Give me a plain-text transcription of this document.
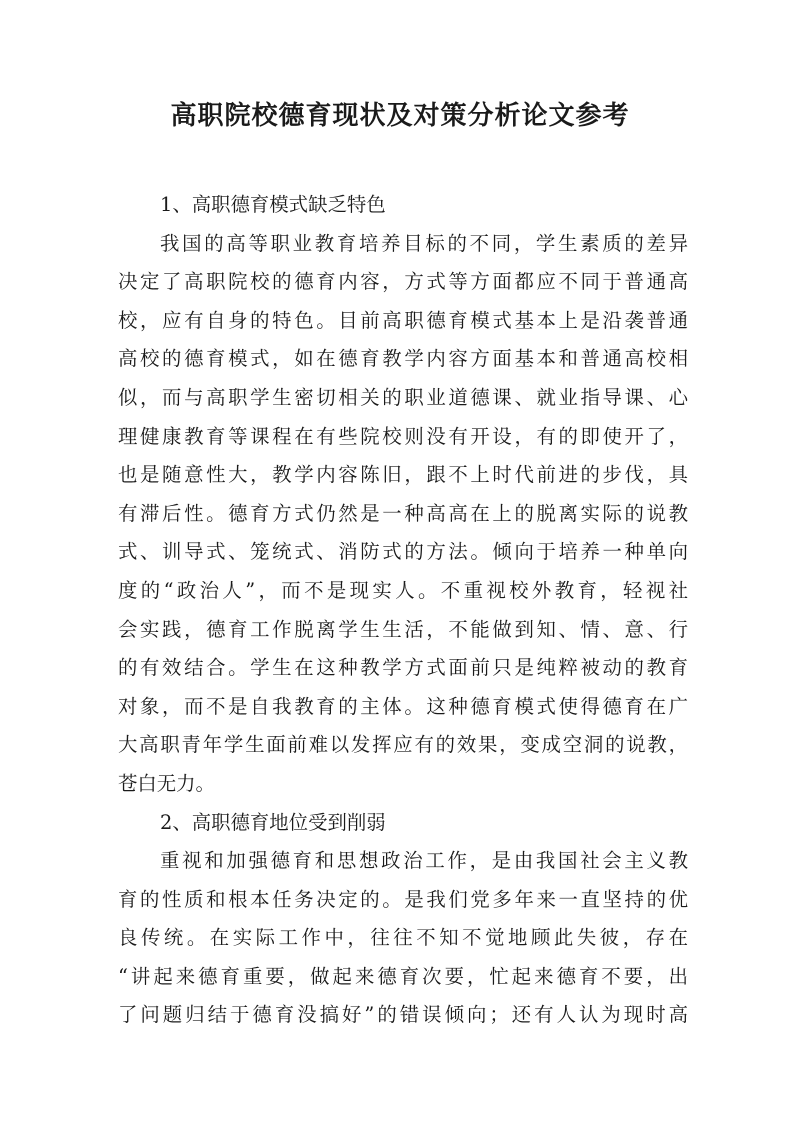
高职院校德育现状及对策分析论文参考
1、高职德育模式缺乏特色
我国的高等职业教育培养目标的不同，学生素质的差异
决定了高职院校的德育内容，方式等方面都应不同于普通高
校，应有自身的特色。目前高职德育模式基本上是沿袭普通
高校的德育模式，如在德育教学内容方面基本和普通高校相
似，而与高职学生密切相关的职业道德课、就业指导课、心
理健康教育等课程在有些院校则没有开设，有的即使开了，
也是随意性大，教学内容陈旧，跟不上时代前进的步伐，具
有滞后性。德育方式仍然是一种高高在上的脱离实际的说教
式、训导式、笼统式、消防式的方法。倾向于培养一种单向
度的“政治人”，而不是现实人。不重视校外教育，轻视社
会实践，德育工作脱离学生生活，不能做到知、情、意、行
的有效结合。学生在这种教学方式面前只是纯粹被动的教育
对象，而不是自我教育的主体。这种德育模式使得德育在广
大高职青年学生面前难以发挥应有的效果，变成空洞的说教，
苍白无力。
2、高职德育地位受到削弱
重视和加强德育和思想政治工作，是由我国社会主义教
育的性质和根本任务决定的。是我们党多年来一直坚持的优
良传统。在实际工作中，往往不知不觉地顾此失彼，存在
“讲起来德育重要，做起来德育次要，忙起来德育不要，出
了问题归结于德育没搞好”的错误倾向；还有人认为现时高
